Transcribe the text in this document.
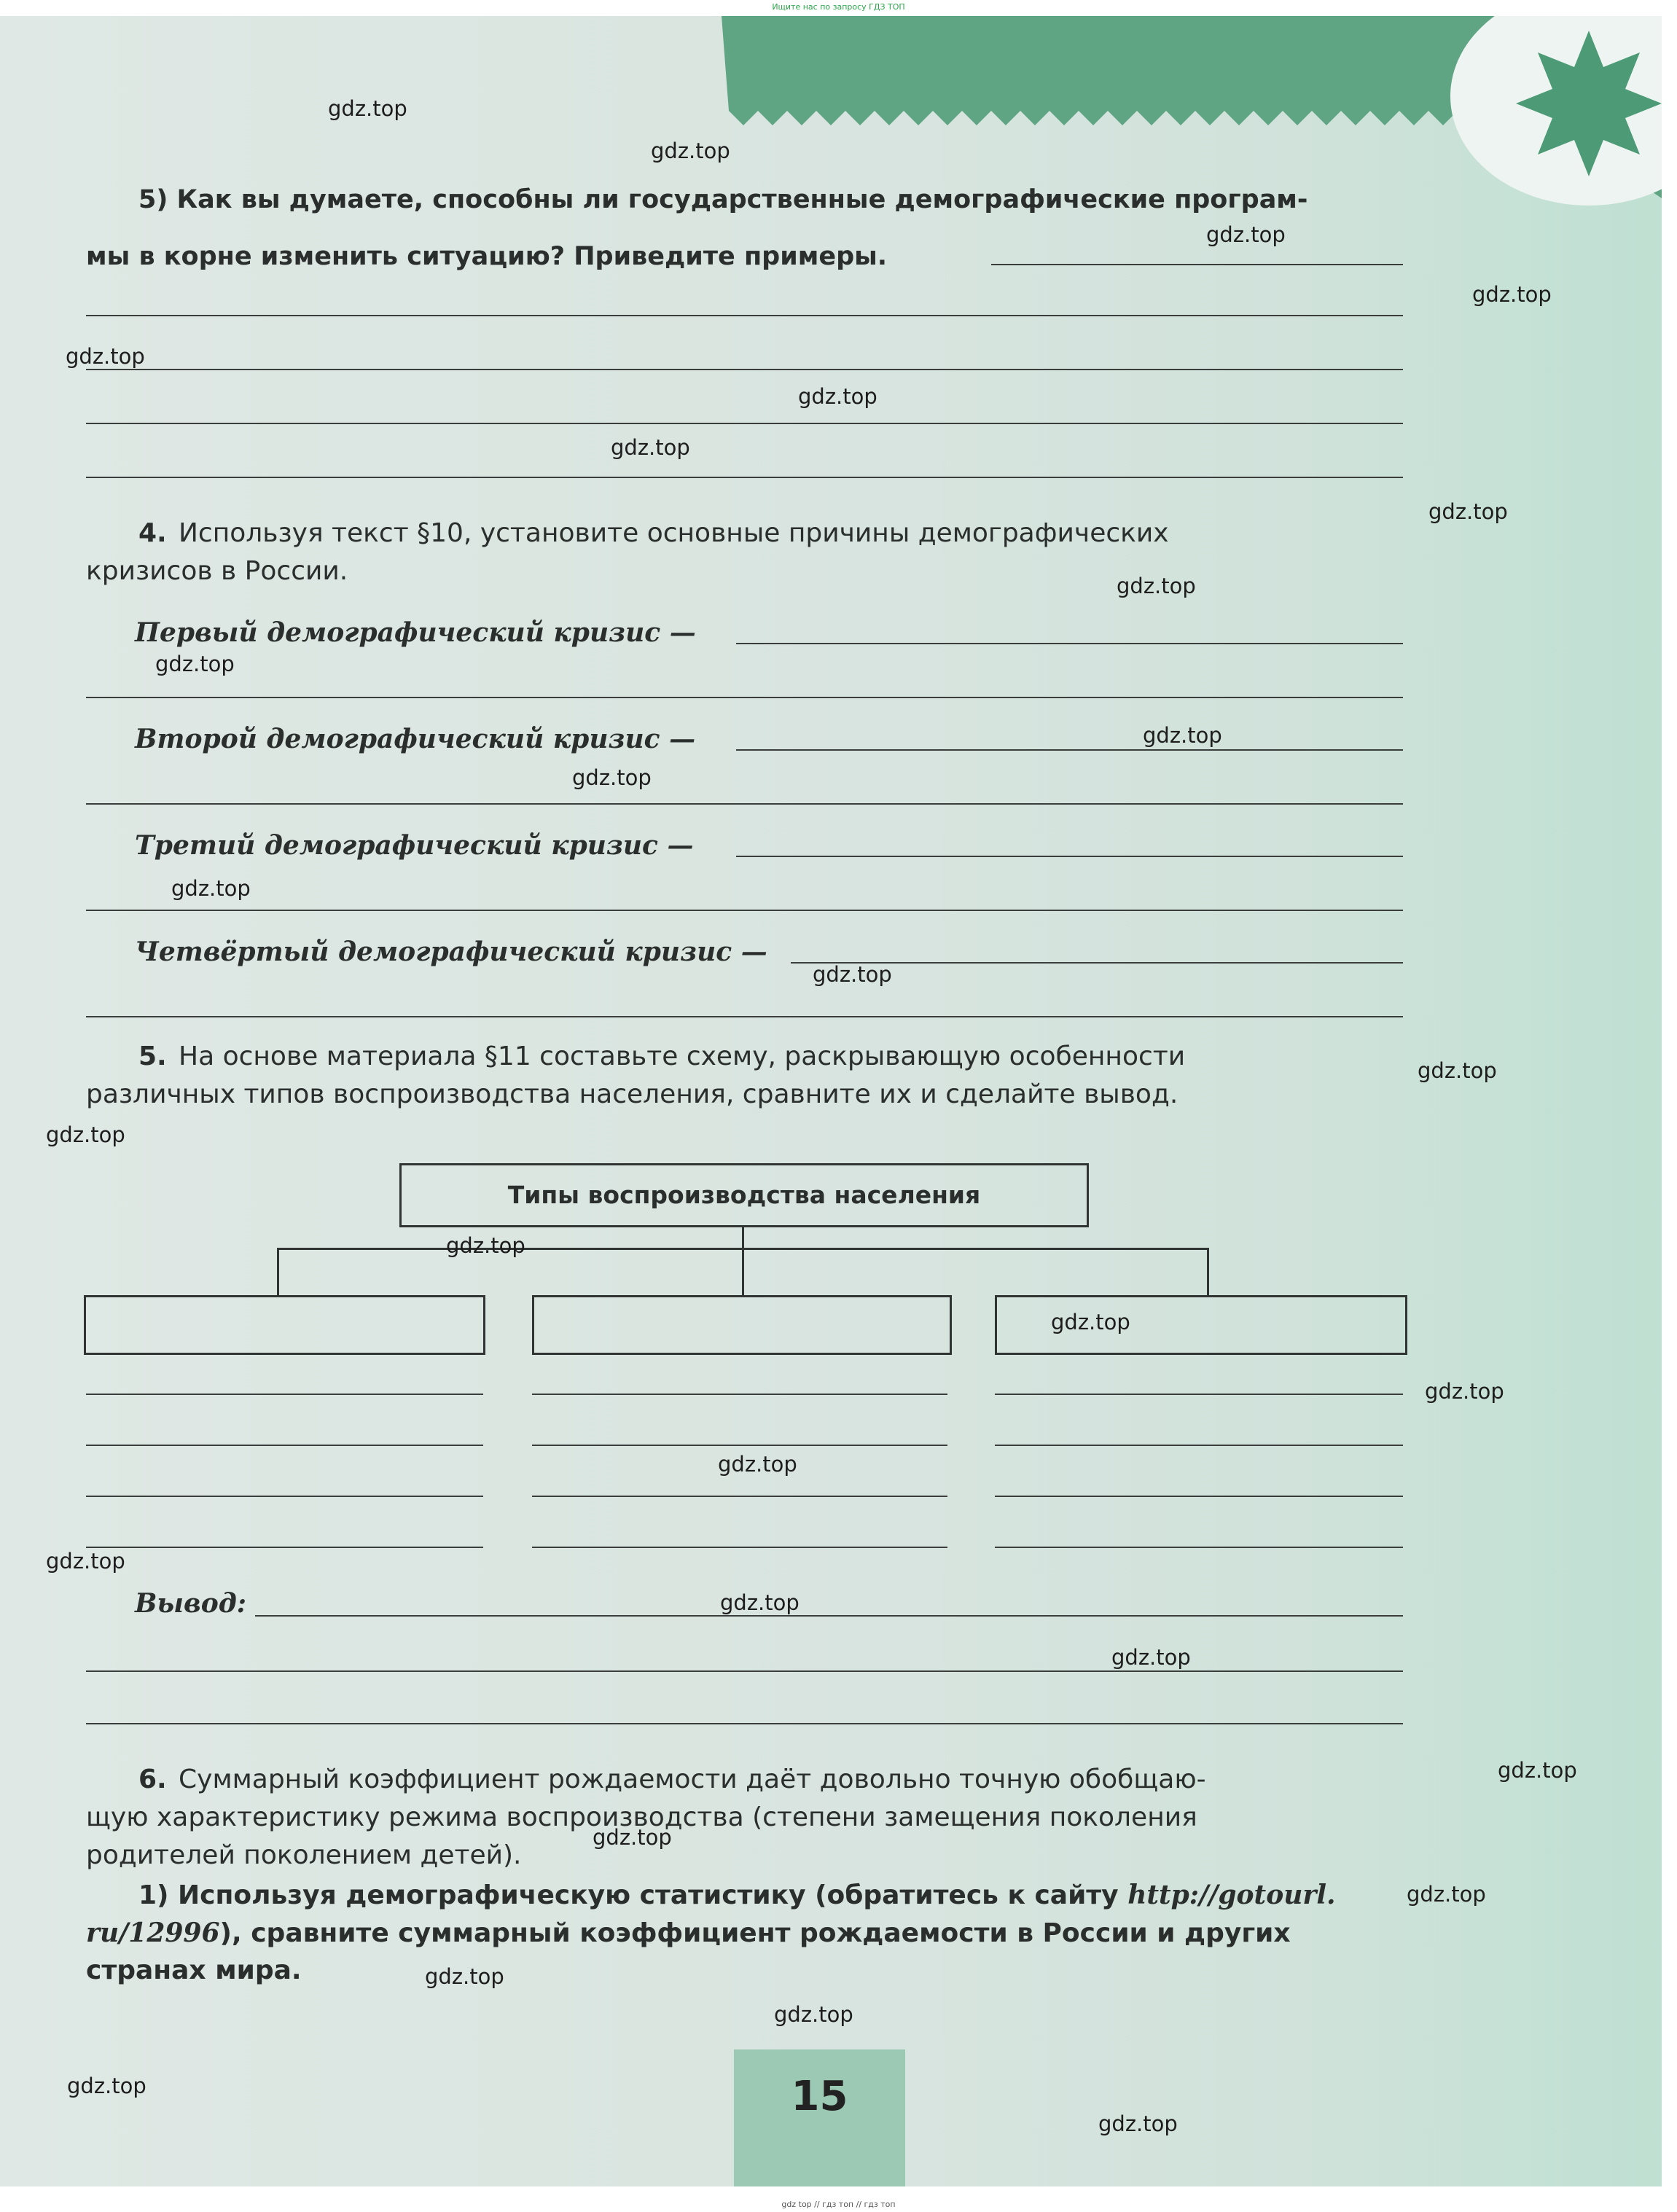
Ищите нас по запросу ГДЗ ТОП
5) Как вы думаете, способны ли государственные демографические програм-
мы в корне изменить ситуацию? Приведите примеры.
4. Используя текст §10, установите основные причины демографических
кризисов в России.
Первый демографический кризис —
Второй демографический кризис —
Третий демографический кризис —
Четвёртый демографический кризис —
5. На основе материала §11 составьте схему, раскрывающую особенности
различных типов воспроизводства населения, сравните их и сделайте вывод.
Типы воспроизводства населения
Вывод:
6. Суммарный коэффициент рождаемости даёт довольно точную обобщаю-
щую характеристику режима воспроизводства (степени замещения поколения
родителей поколением детей).
1) Используя демографическую статистику (обратитесь к сайту http://gotourl.
ru/12996), сравните суммарный коэффициент рождаемости в России и других
странах мира.
15
gdz.top
gdz.top
gdz.top
gdz.top
gdz.top
gdz.top
gdz.top
gdz.top
gdz.top
gdz.top
gdz.top
gdz.top
gdz.top
gdz.top
gdz.top
gdz.top
gdz.top
gdz.top
gdz.top
gdz.top
gdz.top
gdz.top
gdz.top
gdz.top
gdz.top
gdz.top
gdz.top
gdz.top
gdz.top
gdz.top
gdz top // гдз топ // гдз топ
